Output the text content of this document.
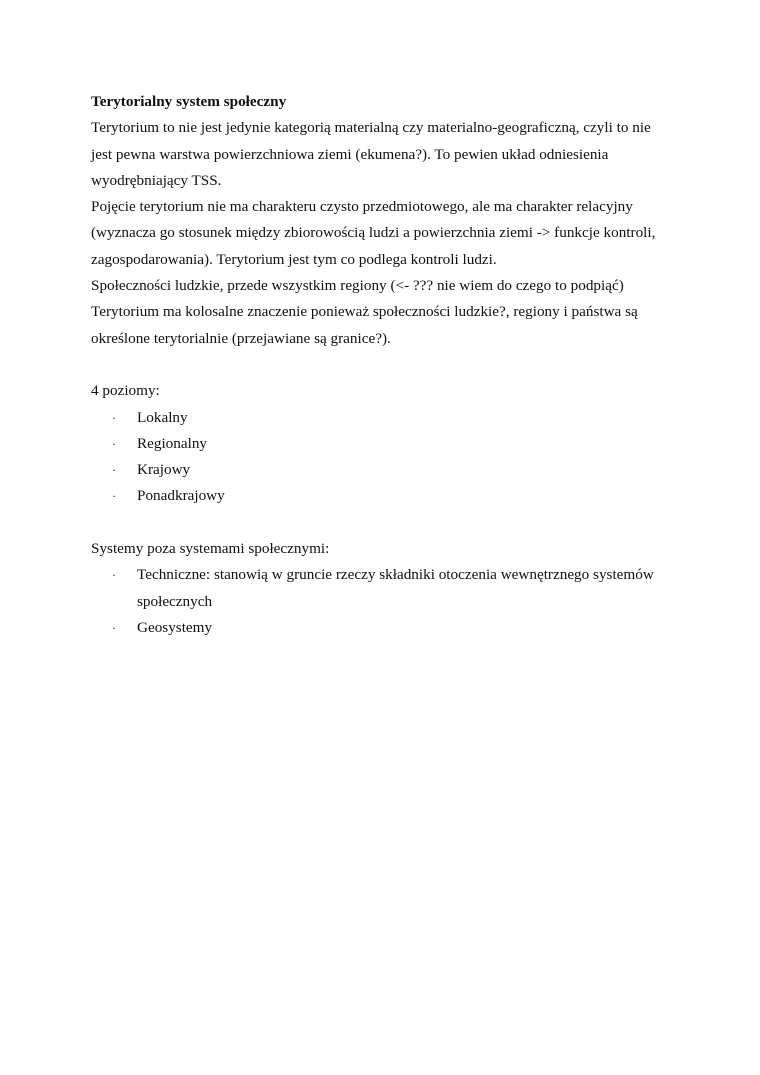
Terytorialny system społeczny

Terytorium to nie jest jedynie kategorią materialną czy materialno-geograficzną, czyli to nie

jest pewna warstwa powierzchniowa ziemi (ekumena?). To pewien układ odniesienia

wyodrębniający TSS.

Pojęcie terytorium nie ma charakteru czysto przedmiotowego, ale ma charakter relacyjny

(wyznacza go stosunek między zbiorowością ludzi a powierzchnia ziemi -> funkcje kontroli,

zagospodarowania). Terytorium jest tym co podlega kontroli ludzi.

Społeczności ludzkie, przede wszystkim regiony (<- ??? nie wiem do czego to podpiąć)

Terytorium ma kolosalne znaczenie ponieważ społeczności ludzkie?, regiony i państwa są

określone terytorialnie (przejawiane są granice?).

4 poziomy:

· Lokalny
· Regionalny
· Krajowy
· Ponadkrajowy

Systemy poza systemami społecznymi:

· Techniczne: stanowią w gruncie rzeczy składniki otoczenia wewnętrznego systemów
społecznych
· Geosystemy
